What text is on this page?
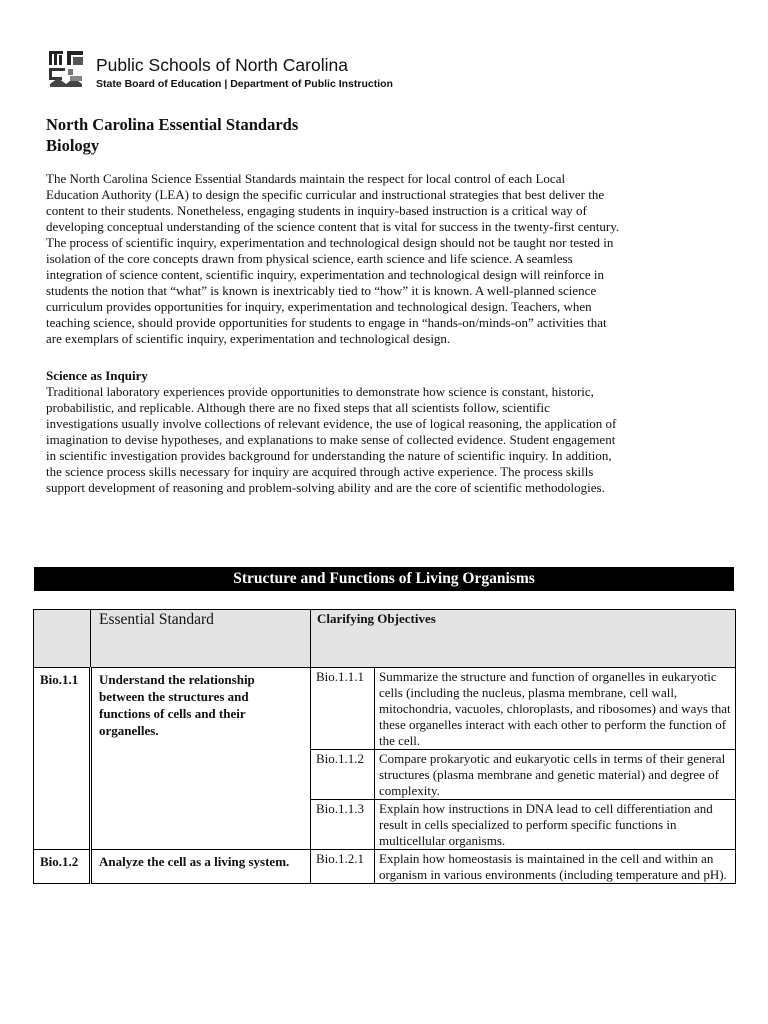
Public Schools of North Carolina
State Board of Education | Department of Public Instruction
North Carolina Essential Standards
Biology
The North Carolina Science Essential Standards maintain the respect for local control of each Local
Education Authority (LEA) to design the specific curricular and instructional strategies that best deliver the
content to their students. Nonetheless, engaging students in inquiry-based instruction is a critical way of
developing conceptual understanding of the science content that is vital for success in the twenty-first century.
The process of scientific inquiry, experimentation and technological design should not be taught nor tested in
isolation of the core concepts drawn from physical science, earth science and life science. A seamless
integration of science content, scientific inquiry, experimentation and technological design will reinforce in
students the notion that “what” is known is inextricably tied to “how” it is known. A well-planned science
curriculum provides opportunities for inquiry, experimentation and technological design. Teachers, when
teaching science, should provide opportunities for students to engage in “hands-on/minds-on” activities that
are exemplars of scientific inquiry, experimentation and technological design.
Science as Inquiry
Traditional laboratory experiences provide opportunities to demonstrate how science is constant, historic,
probabilistic, and replicable. Although there are no fixed steps that all scientists follow, scientific
investigations usually involve collections of relevant evidence, the use of logical reasoning, the application of
imagination to devise hypotheses, and explanations to make sense of collected evidence. Student engagement
in scientific investigation provides background for understanding the nature of scientific inquiry. In addition,
the science process skills necessary for inquiry are acquired through active experience. The process skills
support development of reasoning and problem-solving ability and are the core of scientific methodologies.
Structure and Functions of Living Organisms
	Essential Standard	Clarifying Objectives	
Bio.1.1	Understand the relationship between the structures and functions of cells and their organelles.	Bio.1.1.1	Summarize the structure and function of organelles in eukaryotic cells (including the nucleus, plasma membrane, cell wall, mitochondria, vacuoles, chloroplasts, and ribosomes) and ways that these organelles interact with each other to perform the function of the cell.
		Bio.1.1.2	Compare prokaryotic and eukaryotic cells in terms of their general structures (plasma membrane and genetic material) and degree of complexity.
		Bio.1.1.3	Explain how instructions in DNA lead to cell differentiation and result in cells specialized to perform specific functions in multicellular organisms.
Bio.1.2	Analyze the cell as a living system.	Bio.1.2.1	Explain how homeostasis is maintained in the cell and within an organism in various environments (including temperature and pH).
